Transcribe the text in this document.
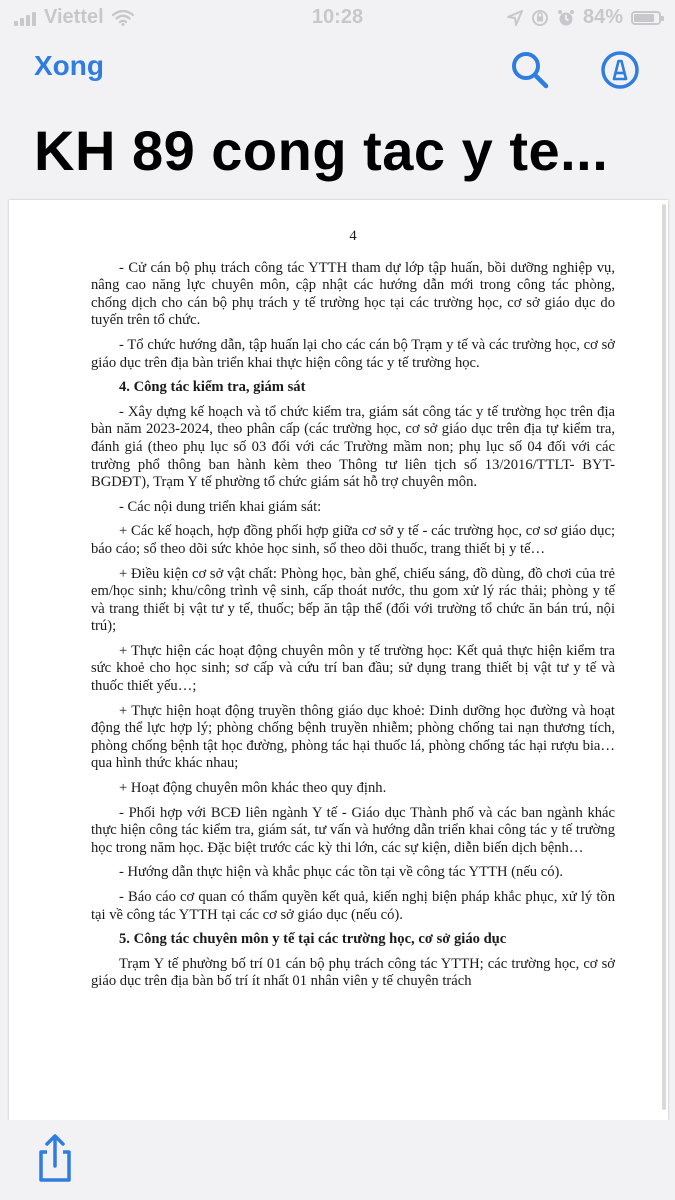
Viettel	10:28	84%
Xong
KH 89 cong tac y te...
4

- Cử cán bộ phụ trách công tác YTTH tham dự lớp tập huấn, bồi dưỡng nghiệp vụ, nâng cao năng lực chuyên môn, cập nhật các hướng dẫn mới trong công tác phòng, chống dịch cho cán bộ phụ trách y tế trường học tại các trường học, cơ sở giáo dục do tuyến trên tổ chức.

- Tổ chức hướng dẫn, tập huấn lại cho các cán bộ Trạm y tế và các trường học, cơ sở giáo dục trên địa bàn triển khai thực hiện công tác y tế trường học.

4. Công tác kiểm tra, giám sát

- Xây dựng kế hoạch và tổ chức kiểm tra, giám sát công tác y tế trường học trên địa bàn năm 2023-2024, theo phân cấp (các trường học, cơ sở giáo dục trên địa tự kiểm tra, đánh giá (theo phụ lục số 03 đối với các Trường mầm non; phụ lục số 04 đối với các trường phổ thông ban hành kèm theo Thông tư liên tịch số 13/2016/TTLT- BYT-BGDĐT), Trạm Y tế phường tổ chức giám sát hỗ trợ chuyên môn.

- Các nội dung triển khai giám sát:

+ Các kế hoạch, hợp đồng phối hợp giữa cơ sở y tế - các trường học, cơ sơ giáo dục; báo cáo; sổ theo dõi sức khỏe học sinh, sổ theo dõi thuốc, trang thiết bị y tế…

+ Điều kiện cơ sở vật chất: Phòng học, bàn ghế, chiếu sáng, đồ dùng, đồ chơi của trẻ em/học sinh; khu/công trình vệ sinh, cấp thoát nước, thu gom xử lý rác thải; phòng y tế và trang thiết bị vật tư y tế, thuốc; bếp ăn tập thể (đối với trường tổ chức ăn bán trú, nội trú);

+ Thực hiện các hoạt động chuyên môn y tế trường học: Kết quả thực hiện kiểm tra sức khoẻ cho học sinh; sơ cấp và cứu trí ban đầu; sử dụng trang thiết bị vật tư y tế và thuốc thiết yếu…;

+ Thực hiện hoạt động truyền thông giáo dục khoẻ: Dinh dưỡng học đường và hoạt động thể lực hợp lý; phòng chống bệnh truyền nhiễm; phòng chống tai nạn thương tích, phòng chống bệnh tật học đường, phòng tác hại thuốc lá, phòng chống tác hại rượu bia… qua hình thức khác nhau;

+ Hoạt động chuyên môn khác theo quy định.

- Phối hợp với BCĐ liên ngành Y tế - Giáo dục Thành phố và các ban ngành khác thực hiện công tác kiểm tra, giám sát, tư vấn và hướng dẫn triển khai công tác y tế trường học trong năm học. Đặc biệt trước các kỳ thi lớn, các sự kiện, diễn biến dịch bệnh…

- Hướng dẫn thực hiện và khắc phục các tồn tại về công tác YTTH (nếu có).

- Báo cáo cơ quan có thẩm quyền kết quả, kiến nghị biện pháp khắc phục, xử lý tồn tại về công tác YTTH tại các cơ sở giáo dục (nếu có).

5. Công tác chuyên môn y tế tại các trường học, cơ sở giáo dục

Trạm Y tế phường bố trí 01 cán bộ phụ trách công tác YTTH; các trường học, cơ sở giáo dục trên địa bàn bố trí ít nhất 01 nhân viên y tế chuyên trách
